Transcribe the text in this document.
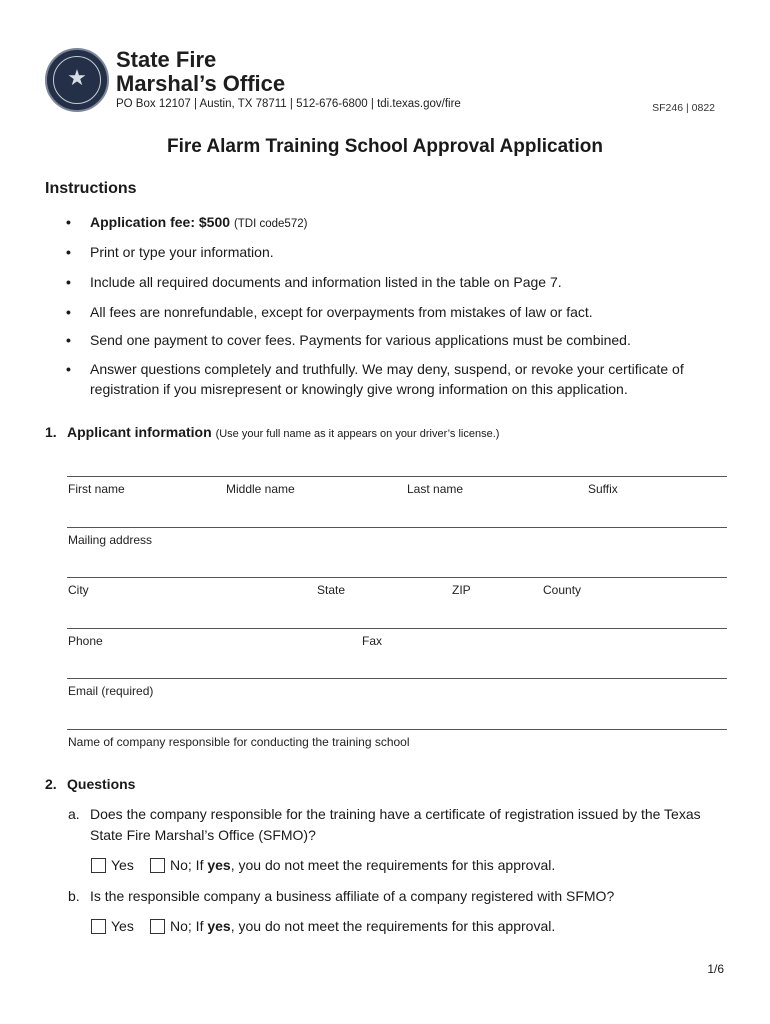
★
State Fire
Marshal’s Office
PO Box 12107 | Austin, TX 78711 | 512-676-6800 | tdi.texas.gov/fire	SF246 | 0822
Fire Alarm Training School Approval Application
Instructions
• Application fee: $500 (TDI code572)
• Print or type your information.
• Include all required documents and information listed in the table on Page 7.
• All fees are nonrefundable, except for overpayments from mistakes of law or fact.
• Send one payment to cover fees. Payments for various applications must be combined.
• Answer questions completely and truthfully. We may deny, suspend, or revoke your certificate of registration if you misrepresent or knowingly give wrong information on this application.
1. Applicant information (Use your full name as it appears on your driver’s license.)
First name	Middle name	Last name	Suffix
Mailing address
City	State	ZIP	County
Phone	Fax
Email (required)
Name of company responsible for conducting the training school
2. Questions
a. Does the company responsible for the training have a certificate of registration issued by the Texas State Fire Marshal’s Office (SFMO)?
Yes	No; If yes, you do not meet the requirements for this approval.
b. Is the responsible company a business affiliate of a company registered with SFMO?
Yes	No; If yes, you do not meet the requirements for this approval.
1/6
